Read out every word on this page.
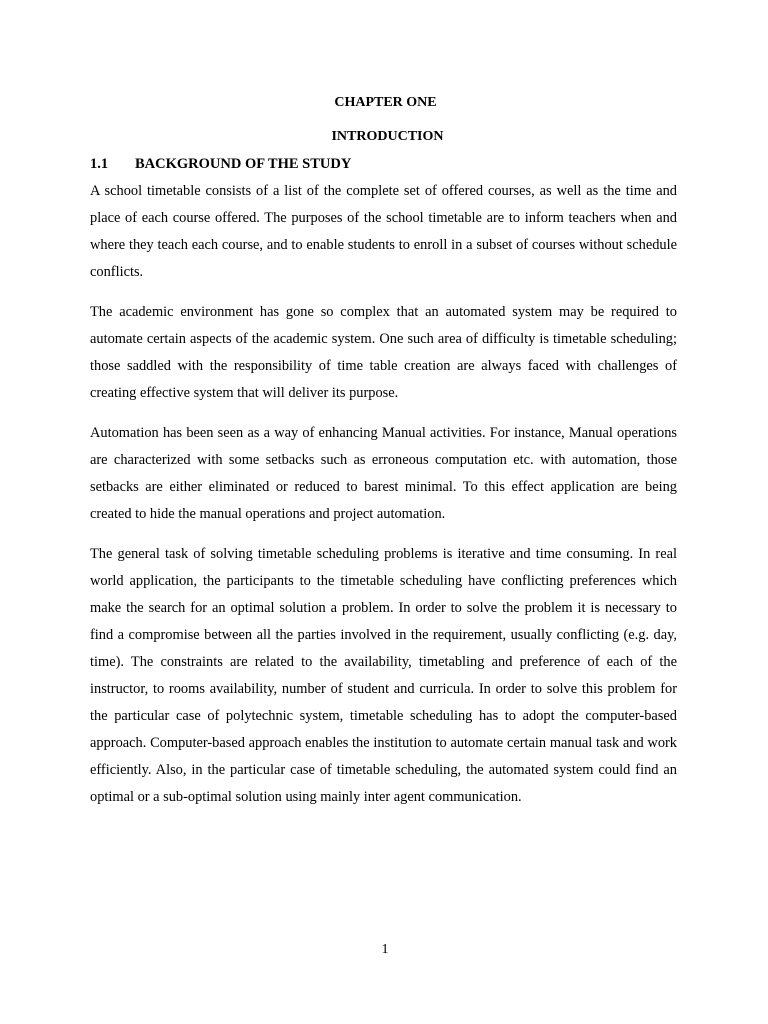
CHAPTER ONE
INTRODUCTION
1.1 BACKGROUND OF THE STUDY

A school timetable consists of a list of the complete set of offered courses, as well as the time and place of each course offered. The purposes of the school timetable are to inform teachers when and where they teach each course, and to enable students to enroll in a subset of courses without schedule conflicts.

The academic environment has gone so complex that an automated system may be required to automate certain aspects of the academic system. One such area of difficulty is timetable scheduling; those saddled with the responsibility of time table creation are always faced with challenges of creating effective system that will deliver its purpose.

Automation has been seen as a way of enhancing Manual activities. For instance, Manual operations are characterized with some setbacks such as erroneous computation etc. with automation, those setbacks are either eliminated or reduced to barest minimal. To this effect application are being created to hide the manual operations and project automation.

The general task of solving timetable scheduling problems is iterative and time consuming. In real world application, the participants to the timetable scheduling have conflicting preferences which make the search for an optimal solution a problem. In order to solve the problem it is necessary to find a compromise between all the parties involved in the requirement, usually conflicting (e.g. day, time). The constraints are related to the availability, timetabling and preference of each of the instructor, to rooms availability, number of student and curricula. In order to solve this problem for the particular case of polytechnic system, timetable scheduling has to adopt the computer-based approach. Computer-based approach enables the institution to automate certain manual task and work efficiently. Also, in the particular case of timetable scheduling, the automated system could find an optimal or a sub-optimal solution using mainly inter agent communication.

1
